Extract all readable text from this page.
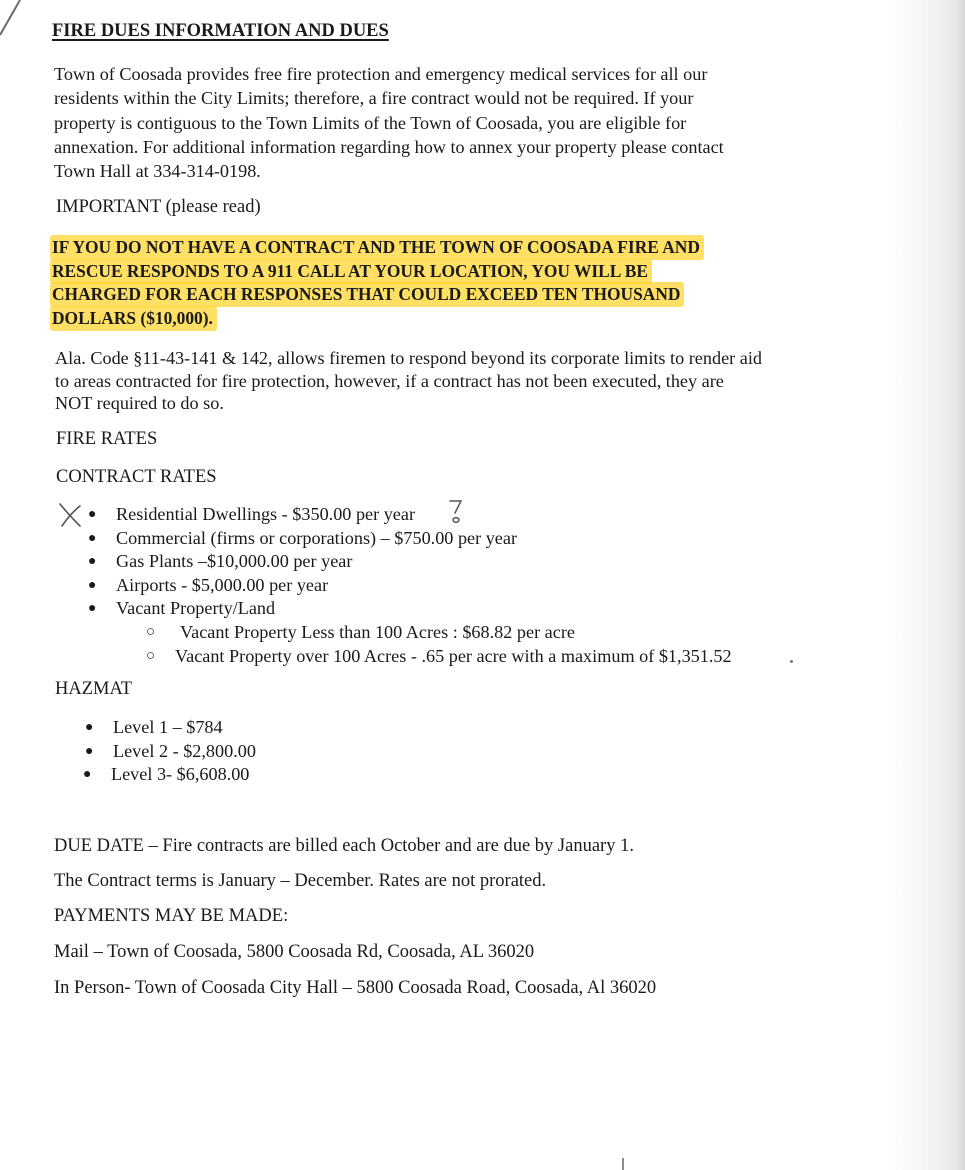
FIRE DUES INFORMATION AND DUES
Town of Coosada provides free fire protection and emergency medical services for all our
residents within the City Limits; therefore, a fire contract would not be required. If your
property is contiguous to the Town Limits of the Town of Coosada, you are eligible for
annexation. For additional information regarding how to annex your property please contact
Town Hall at 334-314-0198.
IMPORTANT (please read)
IF YOU DO NOT HAVE A CONTRACT AND THE TOWN OF COOSADA FIRE AND
RESCUE RESPONDS TO A 911 CALL AT YOUR LOCATION, YOU WILL BE
CHARGED FOR EACH RESPONSES THAT COULD EXCEED TEN THOUSAND
DOLLARS ($10,000).
Ala. Code §11-43-141 & 142, allows firemen to respond beyond its corporate limits to render aid
to areas contracted for fire protection, however, if a contract has not been executed, they are
NOT required to do so.
FIRE RATES
CONTRACT RATES
● Residential Dwellings - $350.00 per year
● Commercial (firms or corporations) – $750.00 per year
● Gas Plants –$10,000.00 per year
● Airports - $5,000.00 per year
● Vacant Property/Land
○ Vacant Property Less than 100 Acres : $68.82 per acre
○ Vacant Property over 100 Acres - .65 per acre with a maximum of $1,351.52
HAZMAT
● Level 1 – $784
● Level 2 - $2,800.00
● Level 3- $6,608.00
DUE DATE – Fire contracts are billed each October and are due by January 1.
The Contract terms is January – December. Rates are not prorated.
PAYMENTS MAY BE MADE:
Mail – Town of Coosada, 5800 Coosada Rd, Coosada, AL 36020
In Person- Town of Coosada City Hall – 5800 Coosada Road, Coosada, Al 36020
